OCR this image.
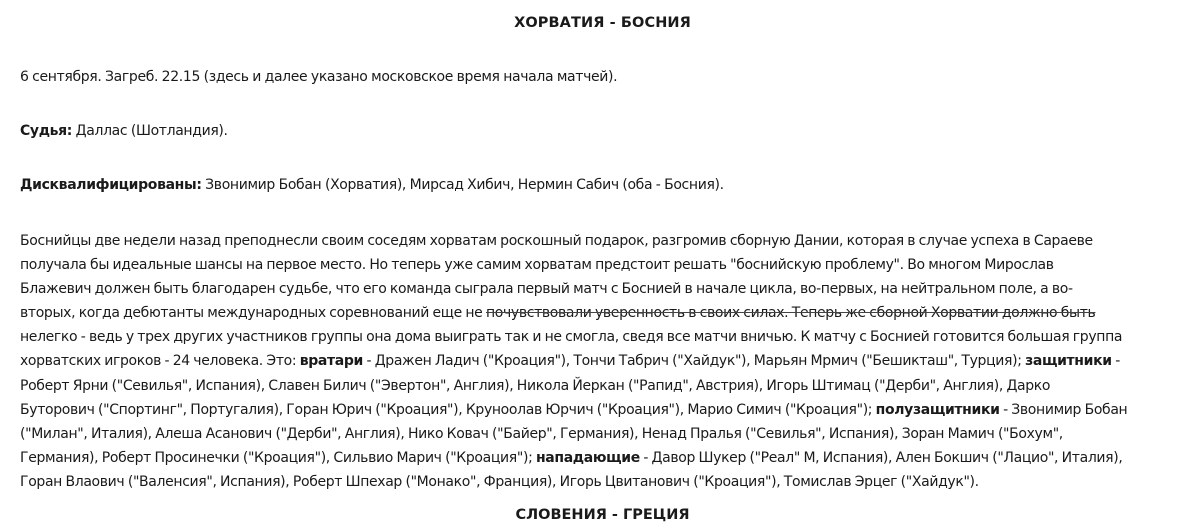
ХОРВАТИЯ - БОСНИЯ

6 сентября. Загреб. 22.15 (здесь и далее указано московское время начала матчей).

Судья: Даллас (Шотландия).

Дисквалифицированы: Звонимир Бобан (Хорватия), Мирсад Хибич, Нермин Сабич (оба - Босния).

Боснийцы две недели назад преподнесли своим соседям хорватам роскошный подарок, разгромив сборную Дании, которая в случае успеха в Сараеве
получала бы идеальные шансы на первое место. Но теперь уже самим хорватам предстоит решать "боснийскую проблему". Во многом Мирослав
Блажевич должен быть благодарен судьбе, что его команда сыграла первый матч с Боснией в начале цикла, во-первых, на нейтральном поле, а во-
вторых, когда дебютанты международных соревнований еще не почувствовали уверенность в своих силах. Теперь же сборной Хорватии должно быть
нелегко - ведь у трех других участников группы она дома выиграть так и не смогла, сведя все матчи вничью. К матчу с Боснией готовится большая группа
хорватских игроков - 24 человека. Это: вратари - Дражен Ладич ("Кроация"), Тончи Табрич ("Хайдук"), Марьян Мрмич ("Бешикташ", Турция); защитники -
Роберт Ярни ("Севилья", Испания), Славен Билич ("Эвертон", Англия), Никола Йеркан ("Рапид", Австрия), Игорь Штимац ("Дерби", Англия), Дарко
Буторович ("Спортинг", Португалия), Горан Юрич ("Кроация"), Круноолав Юрчич ("Кроация"), Марио Симич ("Кроация"); полузащитники - Звонимир Бобан
("Милан", Италия), Алеша Асанович ("Дерби", Англия), Нико Ковач ("Байер", Германия), Ненад Пралья ("Севилья", Испания), Зоран Мамич ("Бохум",
Германия), Роберт Просинечки ("Кроация"), Сильвио Марич ("Кроация"); нападающие - Давор Шукер ("Реал" М, Испания), Ален Бокшич ("Лацио", Италия),
Горан Влаович ("Валенсия", Испания), Роберт Шпехар ("Монако", Франция), Игорь Цвитанович ("Кроация"), Томислав Эрцег ("Хайдук").
СЛОВЕНИЯ - ГРЕЦИЯ
